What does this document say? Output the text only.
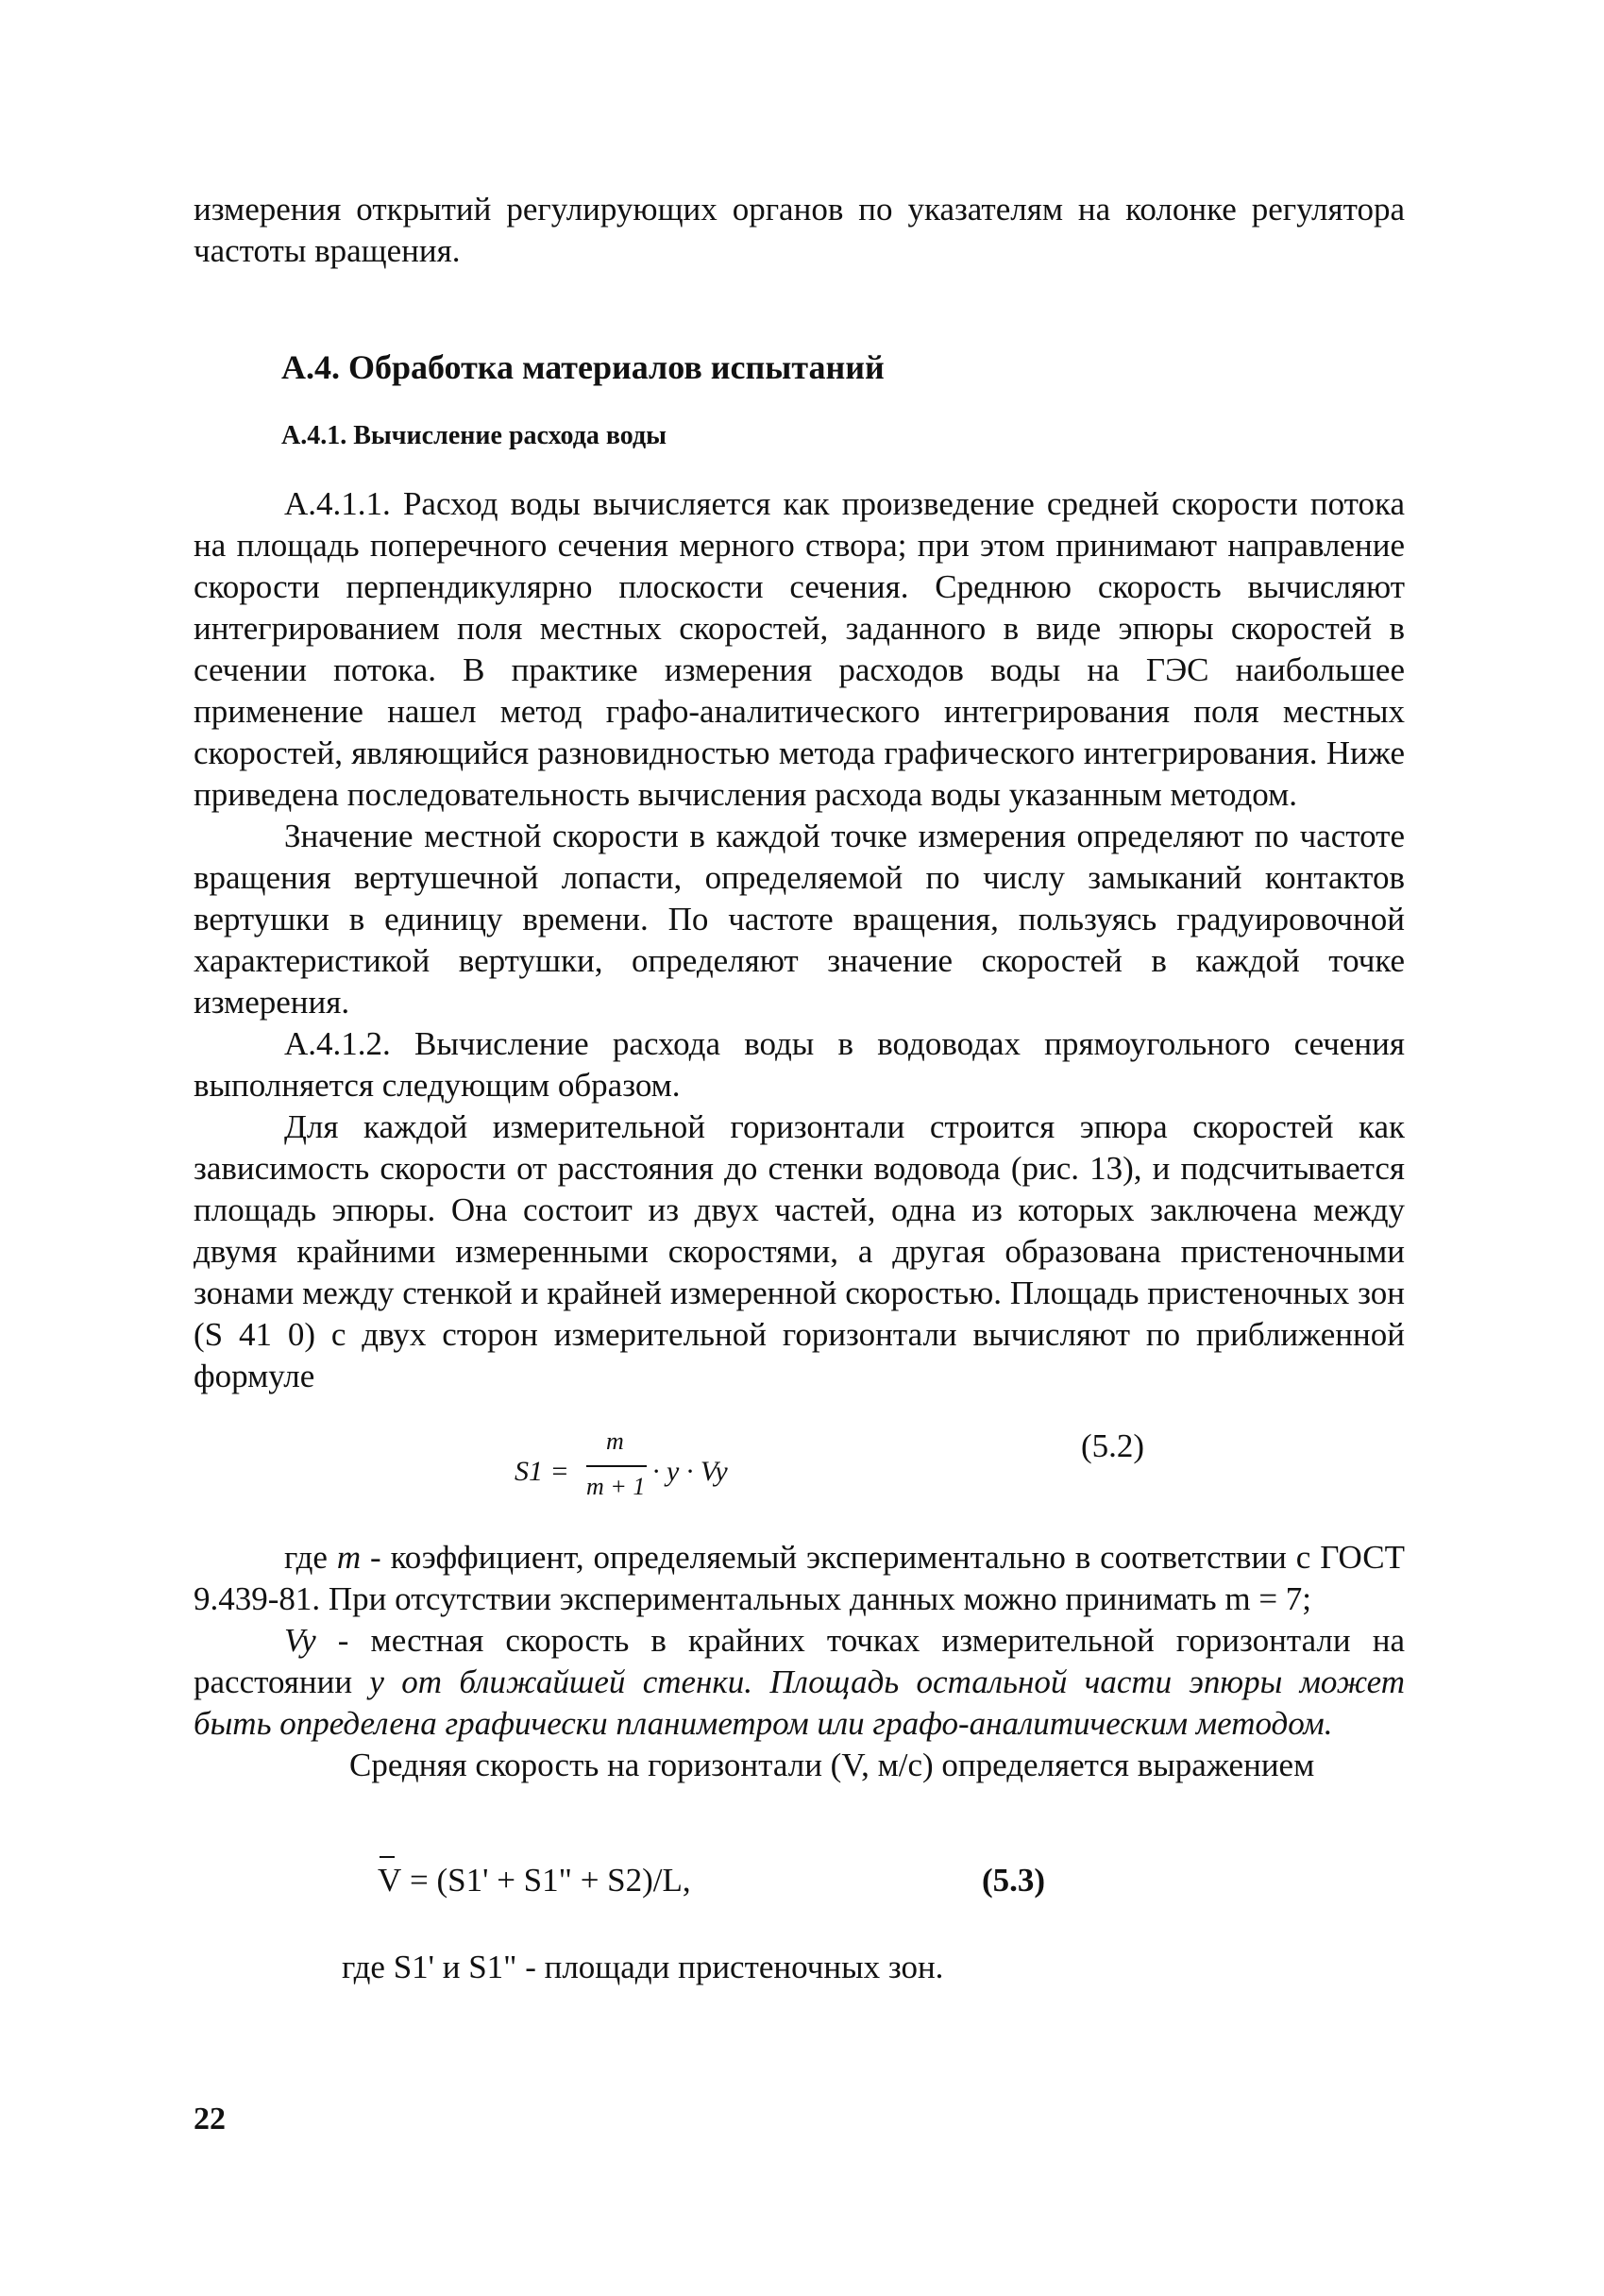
измерения открытий регулирующих органов по указателям на колонке регулятора частоты вращения.

А.4. Обработка материалов испытаний
А.4.1. Вычисление расхода воды

А.4.1.1. Расход воды вычисляется как произведение средней скорости потока на площадь поперечного сечения мерного створа; при этом принимают направление скорости перпендикулярно плоскости сечения. Среднюю скорость вычисляют интегрированием поля местных скоростей, заданного в виде эпюры скоростей в сечении потока. В практике измерения расходов воды на ГЭС наибольшее применение нашел метод графо-аналитического интегрирования поля местных скоростей, являющийся разновидностью метода графического интегрирования. Ниже приведена последовательность вычисления расхода воды указанным методом.

Значение местной скорости в каждой точке измерения определяют по частоте вращения вертушечной лопасти, определяемой по числу замыканий контактов вертушки в единицу времени. По частоте вращения, пользуясь градуировочной характеристикой вертушки, определяют значение скоростей в каждой точке измерения.

А.4.1.2. Вычисление расхода воды в водоводах прямоугольного сечения выполняется следующим образом.

Для каждой измерительной горизонтали строится эпюра скоростей как зависимость скорости от расстояния до стенки водовода (рис. 13), и подсчитывается площадь эпюры. Она состоит из двух частей, одна из которых заключена между двумя крайними измеренными скоростями, а другая образована пристеночными зонами между стенкой и крайней измеренной скоростью. Площадь пристеночных зон (S 41 0) с двух сторон измерительной горизонтали вычисляют по приближенной формуле

S1 =
m
m + 1 · y · Vy
(5.2)

где m - коэффициент, определяемый экспериментально в соответствии с ГОСТ 9.439-81. При отсутствии экспериментальных данных можно принимать m = 7;

Vy - местная скорость в крайних точках измерительной горизонтали на расстоянии y от ближайшей стенки. Площадь остальной части эпюры может быть определена графически планиметром или графо-аналитическим методом.

Средняя скорость на горизонтали (V, м/с) определяется выражением

V = (S1' + S1" + S2)/L,	(5.3)
где S1' и S1" - площади пристеночных зон.
22
